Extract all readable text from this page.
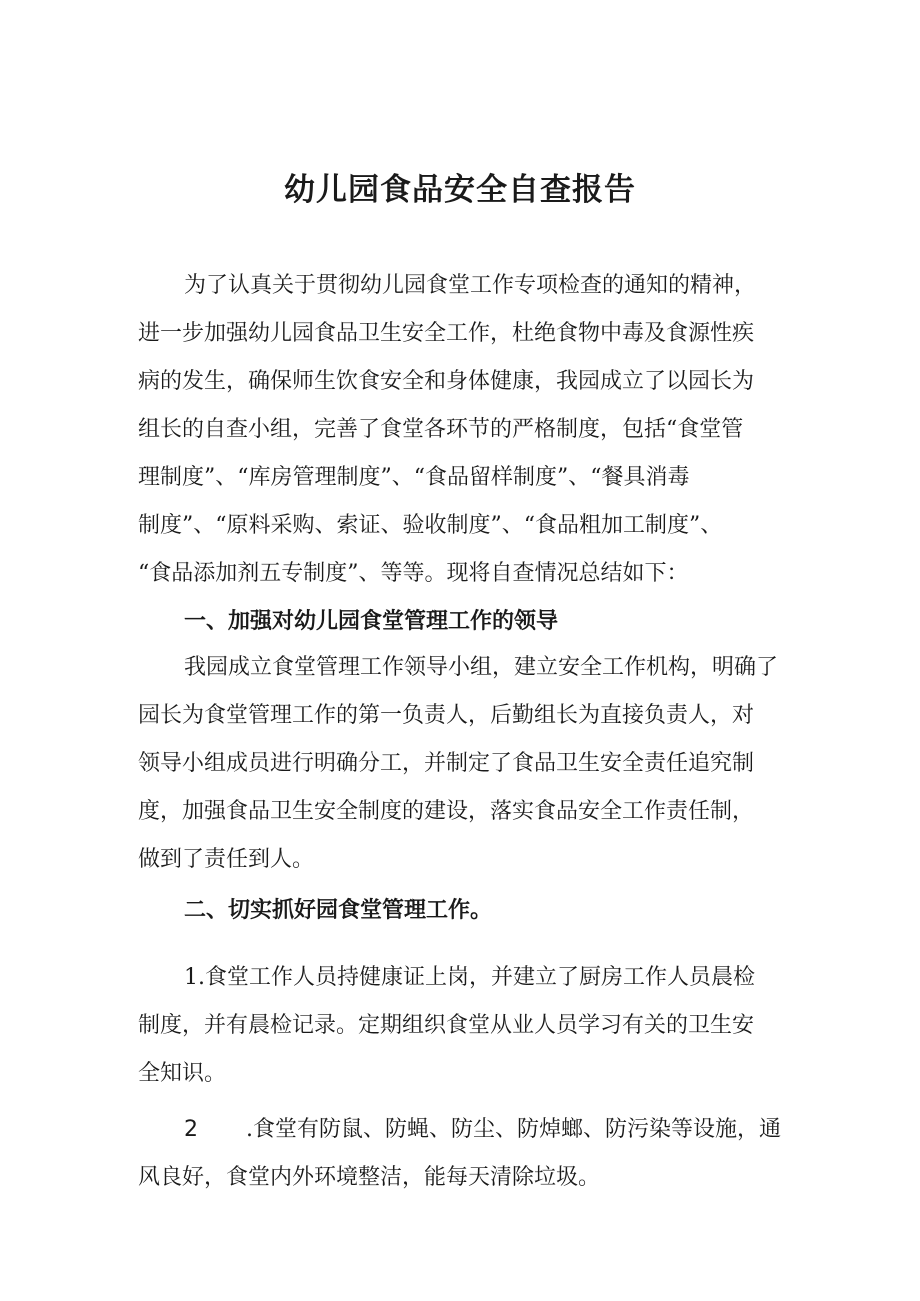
幼儿园食品安全自查报告
为了认真关于贯彻幼儿园食堂工作专项检查的通知的精神，
进一步加强幼儿园食品卫生安全工作，杜绝食物中毒及食源性疾
病的发生，确保师生饮食安全和身体健康，我园成立了以园长为
组长的自查小组，完善了食堂各环节的严格制度，包括“食堂管
理制度”、“库房管理制度”、“食品留样制度”、“餐具消毒
制度”、“原料采购、索证、验收制度”、“食品粗加工制度”、
“食品添加剂五专制度”、等等。现将自查情况总结如下：
一、加强对幼儿园食堂管理工作的领导
我园成立食堂管理工作领导小组，建立安全工作机构，明确了
园长为食堂管理工作的第一负责人，后勤组长为直接负责人，对
领导小组成员进行明确分工，并制定了食品卫生安全责任追究制
度，加强食品卫生安全制度的建设，落实食品安全工作责任制，
做到了责任到人。
二、切实抓好园食堂管理工作。
1.食堂工作人员持健康证上岗，并建立了厨房工作人员晨检
制度，并有晨检记录。定期组织食堂从业人员学习有关的卫生安
全知识。
2 .食堂有防鼠、防蝇、防尘、防焯螂、防污染等设施，通
风良好，食堂内外环境整洁，能每天清除垃圾。
